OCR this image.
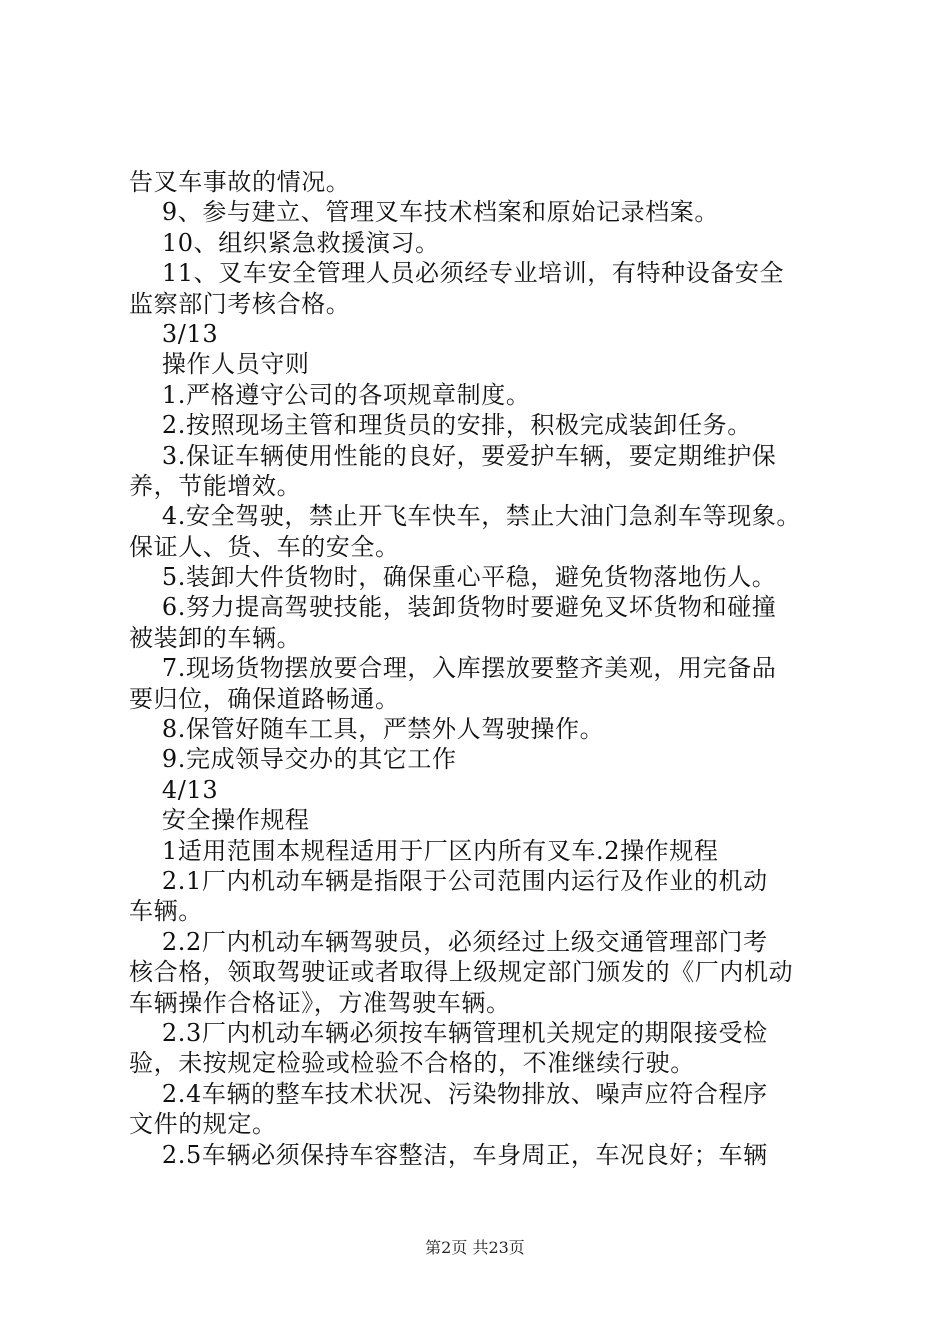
告叉车事故的情况。
9、参与建立、管理叉车技术档案和原始记录档案。
10、组织紧急救援演习。
11、叉车安全管理人员必须经专业培训，有特种设备安全
监察部门考核合格。
3/13
操作人员守则
1.严格遵守公司的各项规章制度。
2.按照现场主管和理货员的安排，积极完成装卸任务。
3.保证车辆使用性能的良好，要爱护车辆，要定期维护保
养，节能增效。
4.安全驾驶，禁止开飞车快车，禁止大油门急刹车等现象。
保证人、货、车的安全。
5.装卸大件货物时，确保重心平稳，避免货物落地伤人。
6.努力提高驾驶技能，装卸货物时要避免叉坏货物和碰撞
被装卸的车辆。
7.现场货物摆放要合理，入库摆放要整齐美观，用完备品
要归位，确保道路畅通。
8.保管好随车工具，严禁外人驾驶操作。
9.完成领导交办的其它工作
4/13
安全操作规程
1适用范围本规程适用于厂区内所有叉车.2操作规程
2.1厂内机动车辆是指限于公司范围内运行及作业的机动
车辆。
2.2厂内机动车辆驾驶员，必须经过上级交通管理部门考
核合格，领取驾驶证或者取得上级规定部门颁发的《厂内机动
车辆操作合格证》，方准驾驶车辆。
2.3厂内机动车辆必须按车辆管理机关规定的期限接受检
验，未按规定检验或检验不合格的，不准继续行驶。
2.4车辆的整车技术状况、污染物排放、噪声应符合程序
文件的规定。
2.5车辆必须保持车容整洁，车身周正，车况良好；车辆
第2页 共23页
